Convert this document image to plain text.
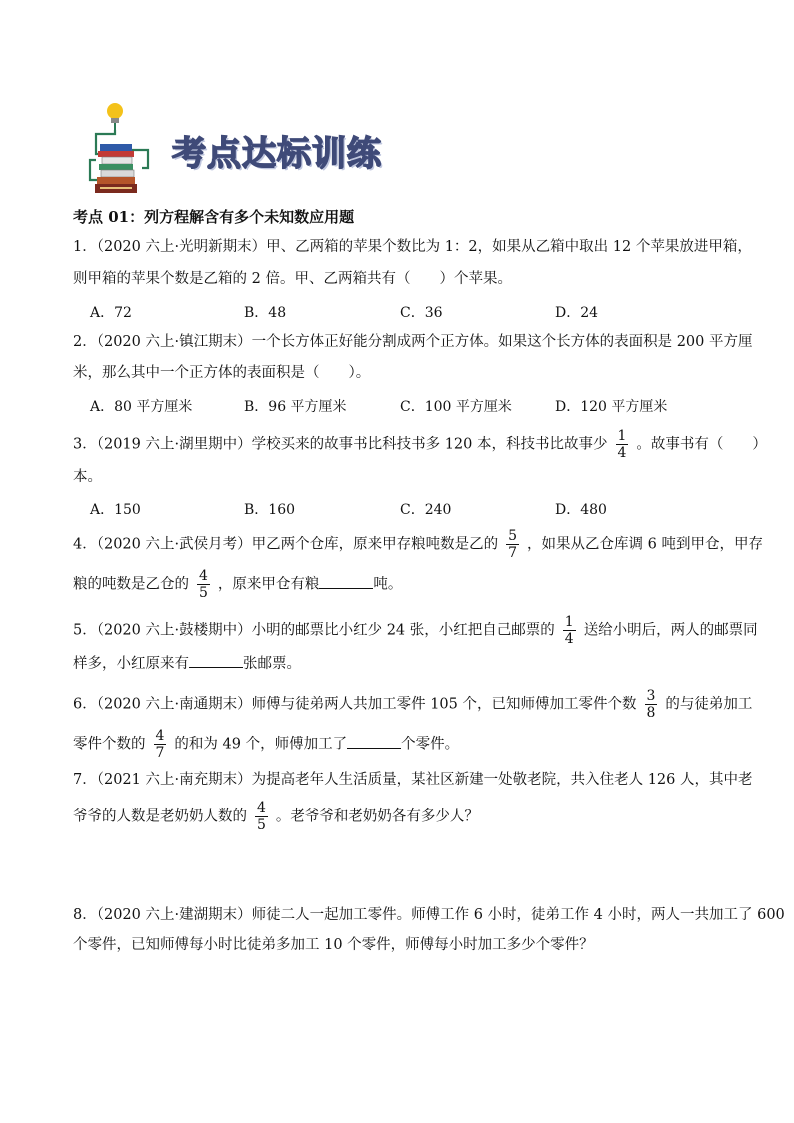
考点达标训练
考点 01：列方程解含有多个未知数应用题
1．（2020 六上·光明新期末）甲、乙两箱的苹果个数比为 1：2，如果从乙箱中取出 12 个苹果放进甲箱，
则甲箱的苹果个数是乙箱的 2 倍。甲、乙两箱共有（　　）个苹果。
A．72	B．48	C．36	D．24
2．（2020 六上·镇江期末）一个长方体正好能分割成两个正方体。如果这个长方体的表面积是 200 平方厘
米，那么其中一个正方体的表面积是（　　）。
A．80 平方厘米	B．96 平方厘米	C．100 平方厘米	D．120 平方厘米
3．（2019 六上·湖里期中）学校买来的故事书比科技书多 120 本，科技书比故事少 $\frac{1}{4}$ 。故事书有（　　）
本。
A．150	B．160	C．240	D．480
4．（2020 六上·武侯月考）甲乙两个仓库，原来甲存粮吨数是乙的 $\frac{5}{7}$ ，如果从乙仓库调 6 吨到甲仓，甲存
粮的吨数是乙仓的 $\frac{4}{5}$ ，原来甲仓有粮	吨。
5．（2020 六上·鼓楼期中）小明的邮票比小红少 24 张，小红把自己邮票的 $\frac{1}{4}$ 送给小明后，两人的邮票同
样多，小红原来有	张邮票。
6．（2020 六上·南通期末）师傅与徒弟两人共加工零件 105 个，已知师傅加工零件个数 $\frac{3}{8}$ 的与徒弟加工
零件个数的 $\frac{4}{7}$ 的和为 49 个，师傅加工了	个零件。
7．（2021 六上·南充期末）为提高老年人生活质量，某社区新建一处敬老院，共入住老人 126 人，其中老
爷爷的人数是老奶奶人数的 $\frac{4}{5}$ 。老爷爷和老奶奶各有多少人？
8．（2020 六上·建湖期末）师徒二人一起加工零件。师傅工作 6 小时，徒弟工作 4 小时，两人一共加工了 600
个零件，已知师傅每小时比徒弟多加工 10 个零件，师傅每小时加工多少个零件？
